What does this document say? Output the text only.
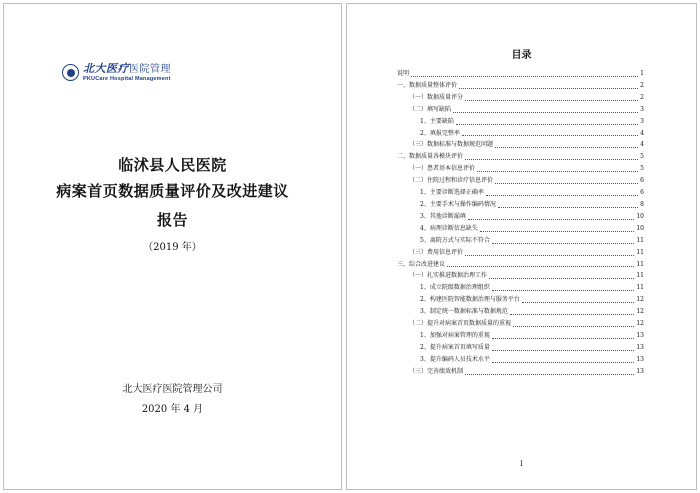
北大医疗医院管理
PKUCare Hospital Management
临沭县人民医院
病案首页数据质量评价及改进建议
报告
（2019 年）
北大医疗医院管理公司
2020 年 4 月
目录
说明	1
一、数据质量整体评价	2
（一）数据质量评分	2
（二）填写缺陷	3
1、主要缺陷	3
2、填报完整率	4
（三）数据标准与数据规范问题	4
二、数据质量各模块评价	5
（一）患者基本信息评价	5
（二）住院过程和诊疗信息评价	6
1、主要诊断选择正确率	6
2、主要手术与操作编码情况	8
3、其他诊断漏填	10
4、病理诊断信息缺失	10
5、离院方式与实际不符合	11
（三）费用信息评价	11
三、综合改进建议	11
（一）扎实推进数据治理工作	11
1、成立院级数据治理组织	11
2、构建医院智能数据治理与服务平台	12
3、制定统一数据标准与数据规范	12
（二）提升对病案首页数据质量的重视	12
1、加强对病案管理的重视	13
2、提升病案首页填写质量	13
3、提升编码人员技术水平	13
（三）完善绩效机制	13
I
